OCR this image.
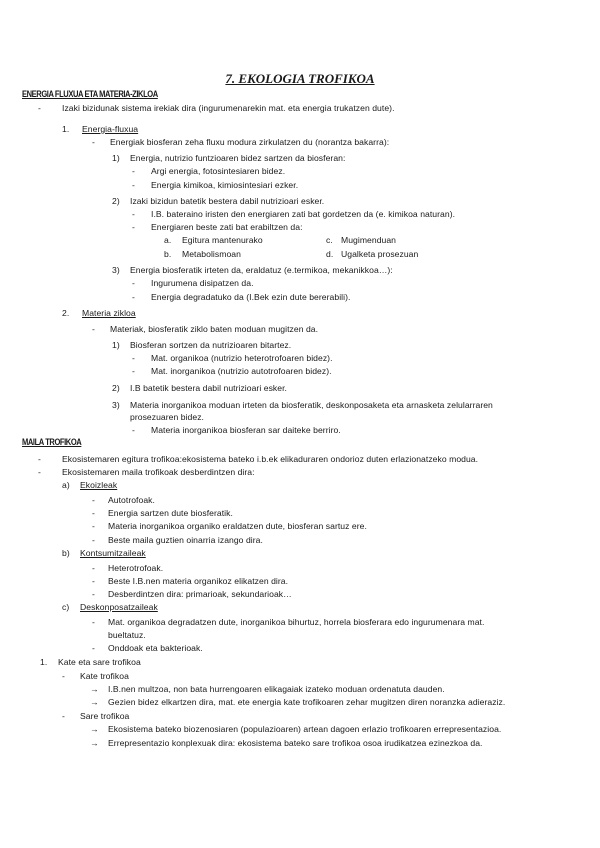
7. EKOLOGIA TROFIKOA
ENERGIA FLUXUA ETA MATERIA-ZIKLOA
- Izaki bizidunak sistema irekiak dira (ingurumenarekin mat. eta energia trukatzen dute).
1. Energia-fluxua
- Energiak biosferan zeha fluxu modura zirkulatzen du (norantza bakarra):
1) Energia, nutrizio funtzioaren bidez sartzen da biosferan:
- Argi energia, fotosintesiaren bidez.
- Energia kimikoa, kimiosintesiari ezker.
2) Izaki bizidun batetik bestera dabil nutrizioari esker.
- I.B. bateraino iristen den energiaren zati bat gordetzen da (e. kimikoa naturan).
- Energiaren beste zati bat erabiltzen da:
a. Egitura mantenurako	c. Mugimenduan
b. Metabolismoan	d. Ugalketa prosezuan
3) Energia biosferatik irteten da, eraldatuz (e.termikoa, mekanikkoa…):
- Ingurumena disipatzen da.
- Energia degradatuko da (I.Bek ezin dute bererabili).
2. Materia zikloa
- Materiak, biosferatik ziklo baten moduan mugitzen da.
1) Biosferan sortzen da nutrizioaren bitartez.
- Mat. organikoa (nutrizio heterotrofoaren bidez).
- Mat. inorganikoa (nutrizio autotrofoaren bidez).
2) I.B batetik bestera dabil nutrizioari esker.
3) Materia inorganikoa moduan irteten da biosferatik, deskonposaketa eta arnasketa zelularraren
prosezuaren bidez.
- Materia inorganikoa biosferan sar daiteke berriro.
MAILA TROFIKOA
- Ekosistemaren egitura trofikoa:ekosistema bateko i.b.ek elikaduraren ondorioz duten erlazionatzeko modua.
- Ekosistemaren maila trofikoak desberdintzen dira:
a) Ekoizleak
- Autotrofoak.
- Energia sartzen dute biosferatik.
- Materia inorganikoa organiko eraldatzen dute, biosferan sartuz ere.
- Beste maila guztien oinarria izango dira.
b) Kontsumitzaileak
- Heterotrofoak.
- Beste I.B.nen materia organikoz elikatzen dira.
- Desberdintzen dira: primarioak, sekundarioak…
c) Deskonposatzaileak
- Mat. organikoa degradatzen dute, inorganikoa bihurtuz, horrela biosferara edo ingurumenara mat.
bueltatuz.
- Onddoak eta bakterioak.
1. Kate eta sare trofikoa
- Kate trofikoa
→ I.B.nen multzoa, non bata hurrengoaren elikagaiak izateko moduan ordenatuta dauden.
→ Gezien bidez elkartzen dira, mat. ete energia kate trofikoaren zehar mugitzen diren noranzka adieraziz.
- Sare trofikoa
→ Ekosistema bateko biozenosiaren (populazioaren) artean dagoen erlazio trofikoaren errepresentazioa.
→ Errepresentazio konplexuak dira: ekosistema bateko sare trofikoa osoa irudikatzea ezinezkoa da.
